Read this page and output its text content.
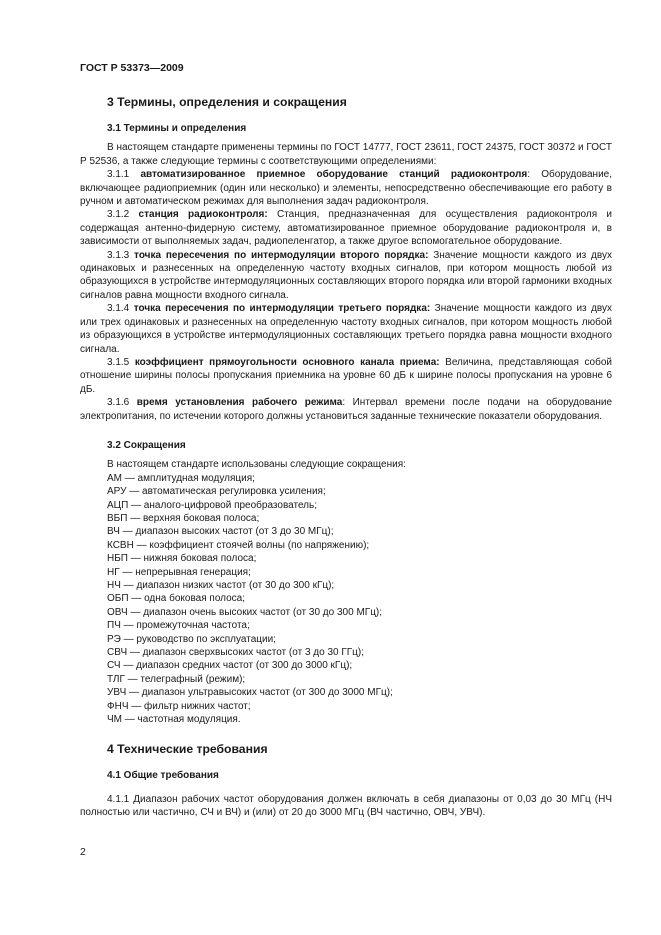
ГОСТ Р 53373—2009
3 Термины, определения и сокращения
3.1 Термины и определения

В настоящем стандарте применены термины по ГОСТ 14777, ГОСТ 23611, ГОСТ 24375, ГОСТ 30372 и ГОСТ Р 52536, а также следующие термины с соответствующими определениями:

3.1.1 автоматизированное приемное оборудование станций радиоконтроля: Оборудование, включающее радиоприемник (один или несколько) и элементы, непосредственно обеспечивающие его работу в ручном и автоматическом режимах для выполнения задач радиоконтроля.

3.1.2 станция радиоконтроля: Станция, предназначенная для осуществления радиоконтроля и содержащая антенно-фидерную систему, автоматизированное приемное оборудование радиоконтроля и, в зависимости от выполняемых задач, радиопеленгатор, а также другое вспомогательное оборудование.

3.1.3 точка пересечения по интермодуляции второго порядка: Значение мощности каждого из двух одинаковых и разнесенных на определенную частоту входных сигналов, при котором мощность любой из образующихся в устройстве интермодуляционных составляющих второго порядка или второй гармоники входных сигналов равна мощности входного сигнала.

3.1.4 точка пересечения по интермодуляции третьего порядка: Значение мощности каждого из двух или трех одинаковых и разнесенных на определенную частоту входных сигналов, при котором мощность любой из образующихся в устройстве интермодуляционных составляющих третьего порядка равна мощности входного сигнала.

3.1.5 коэффициент прямоугольности основного канала приема: Величина, представляющая собой отношение ширины полосы пропускания приемника на уровне 60 дБ к ширине полосы пропускания на уровне 6 дБ.

3.1.6 время установления рабочего режима: Интервал времени после подачи на оборудование электропитания, по истечении которого должны установиться заданные технические показатели оборудования.

3.2 Сокращения

В настоящем стандарте использованы следующие сокращения:

АМ — амплитудная модуляция;
АРУ — автоматическая регулировка усиления;
АЦП — аналого-цифровой преобразователь;
ВБП — верхняя боковая полоса;
ВЧ — диапазон высоких частот (от 3 до 30 МГц);
КСВН — коэффициент стоячей волны (по напряжению);
НБП — нижняя боковая полоса;
НГ — непрерывная генерация;
НЧ — диапазон низких частот (от 30 до 300 кГц);
ОБП — одна боковая полоса;
ОВЧ — диапазон очень высоких частот (от 30 до 300 МГц);
ПЧ — промежуточная частота;
РЭ — руководство по эксплуатации;
СВЧ — диапазон сверхвысоких частот (от 3 до 30 ГГц);
СЧ — диапазон средних частот (от 300 до 3000 кГц);
ТЛГ — телеграфный (режим);
УВЧ — диапазон ультравысоких частот (от 300 до 3000 МГц);
ФНЧ — фильтр нижних частот;
ЧМ — частотная модуляция.
4 Технические требования
4.1 Общие требования

4.1.1 Диапазон рабочих частот оборудования должен включать в себя диапазоны от 0,03 до 30 МГц (НЧ полностью или частично, СЧ и ВЧ) и (или) от 20 до 3000 МГц (ВЧ частично, ОВЧ, УВЧ).

2
